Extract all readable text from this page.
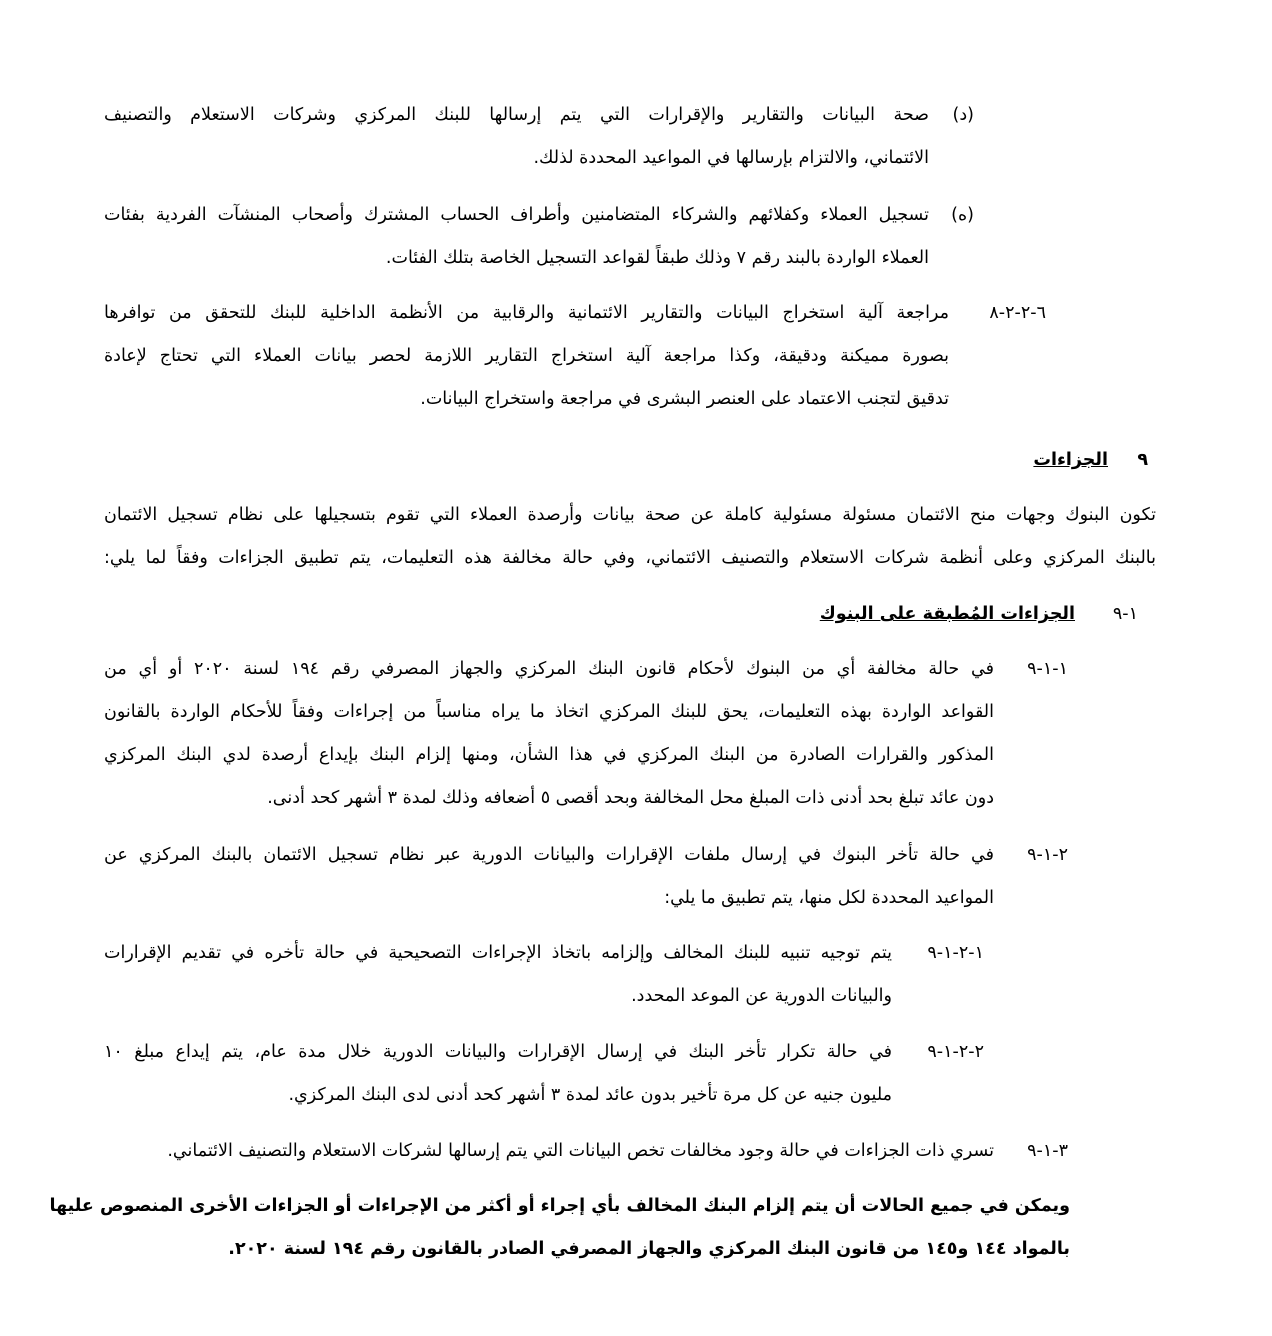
(د)
صحة البيانات والتقارير والإقرارات التي يتم إرسالها للبنك المركزي وشركات الاستعلام والتصنيف
الائتماني، والالتزام بإرسالها في المواعيد المحددة لذلك.
(ه)
تسجيل العملاء وكفلائهم والشركاء المتضامنين وأطراف الحساب المشترك وأصحاب المنشآت الفردية بفئات
العملاء الواردة بالبند رقم ٧ وذلك طبقاً لقواعد التسجيل الخاصة بتلك الفئات.
٦-٢-٢-٨
مراجعة آلية استخراج البيانات والتقارير الائتمانية والرقابية من الأنظمة الداخلية للبنك للتحقق من توافرها
بصورة مميكنة ودقيقة، وكذا مراجعة آلية استخراج التقارير اللازمة لحصر بيانات العملاء التي تحتاج لإعادة
تدقيق لتجنب الاعتماد على العنصر البشرى في مراجعة واستخراج البيانات.
٩
الجزاءات
تكون البنوك وجهات منح الائتمان مسئولة مسئولية كاملة عن صحة بيانات وأرصدة العملاء التي تقوم بتسجيلها على نظام تسجيل الائتمان
بالبنك المركزي وعلى أنظمة شركات الاستعلام والتصنيف الائتماني، وفي حالة مخالفة هذه التعليمات، يتم تطبيق الجزاءات وفقاً لما يلي:
١-٩
الجزاءات المُطبقة على البنوك
١-١-٩
في حالة مخالفة أي من البنوك لأحكام قانون البنك المركزي والجهاز المصرفي رقم ١٩٤ لسنة ٢٠٢٠ أو أي من
القواعد الواردة بهذه التعليمات، يحق للبنك المركزي اتخاذ ما يراه مناسباً من إجراءات وفقاً للأحكام الواردة بالقانون
المذكور والقرارات الصادرة من البنك المركزي في هذا الشأن، ومنها إلزام البنك بإيداع أرصدة لدي البنك المركزي
دون عائد تبلغ بحد أدنى ذات المبلغ محل المخالفة وبحد أقصى ٥ أضعافه وذلك لمدة ٣ أشهر كحد أدنى.
٢-١-٩
في حالة تأخر البنوك في إرسال ملفات الإقرارات والبيانات الدورية عبر نظام تسجيل الائتمان بالبنك المركزي عن
المواعيد المحددة لكل منها، يتم تطبيق ما يلي:
١-٢-١-٩
يتم توجيه تنبيه للبنك المخالف وإلزامه باتخاذ الإجراءات التصحيحية في حالة تأخره في تقديم الإقرارات
والبيانات الدورية عن الموعد المحدد.
٢-٢-١-٩
في حالة تكرار تأخر البنك في إرسال الإقرارات والبيانات الدورية خلال مدة عام، يتم إيداع مبلغ ١٠
مليون جنيه عن كل مرة تأخير بدون عائد لمدة ٣ أشهر كحد أدنى لدى البنك المركزي.
٣-١-٩
تسري ذات الجزاءات في حالة وجود مخالفات تخص البيانات التي يتم إرسالها لشركات الاستعلام والتصنيف الائتماني.
ويمكن في جميع الحالات أن يتم إلزام البنك المخالف بأي إجراء أو أكثر من الإجراءات أو الجزاءات الأخرى المنصوص عليها
بالمواد ١٤٤ و١٤٥ من قانون البنك المركزي والجهاز المصرفي الصادر بالقانون رقم ١٩٤ لسنة ٢٠٢٠.
